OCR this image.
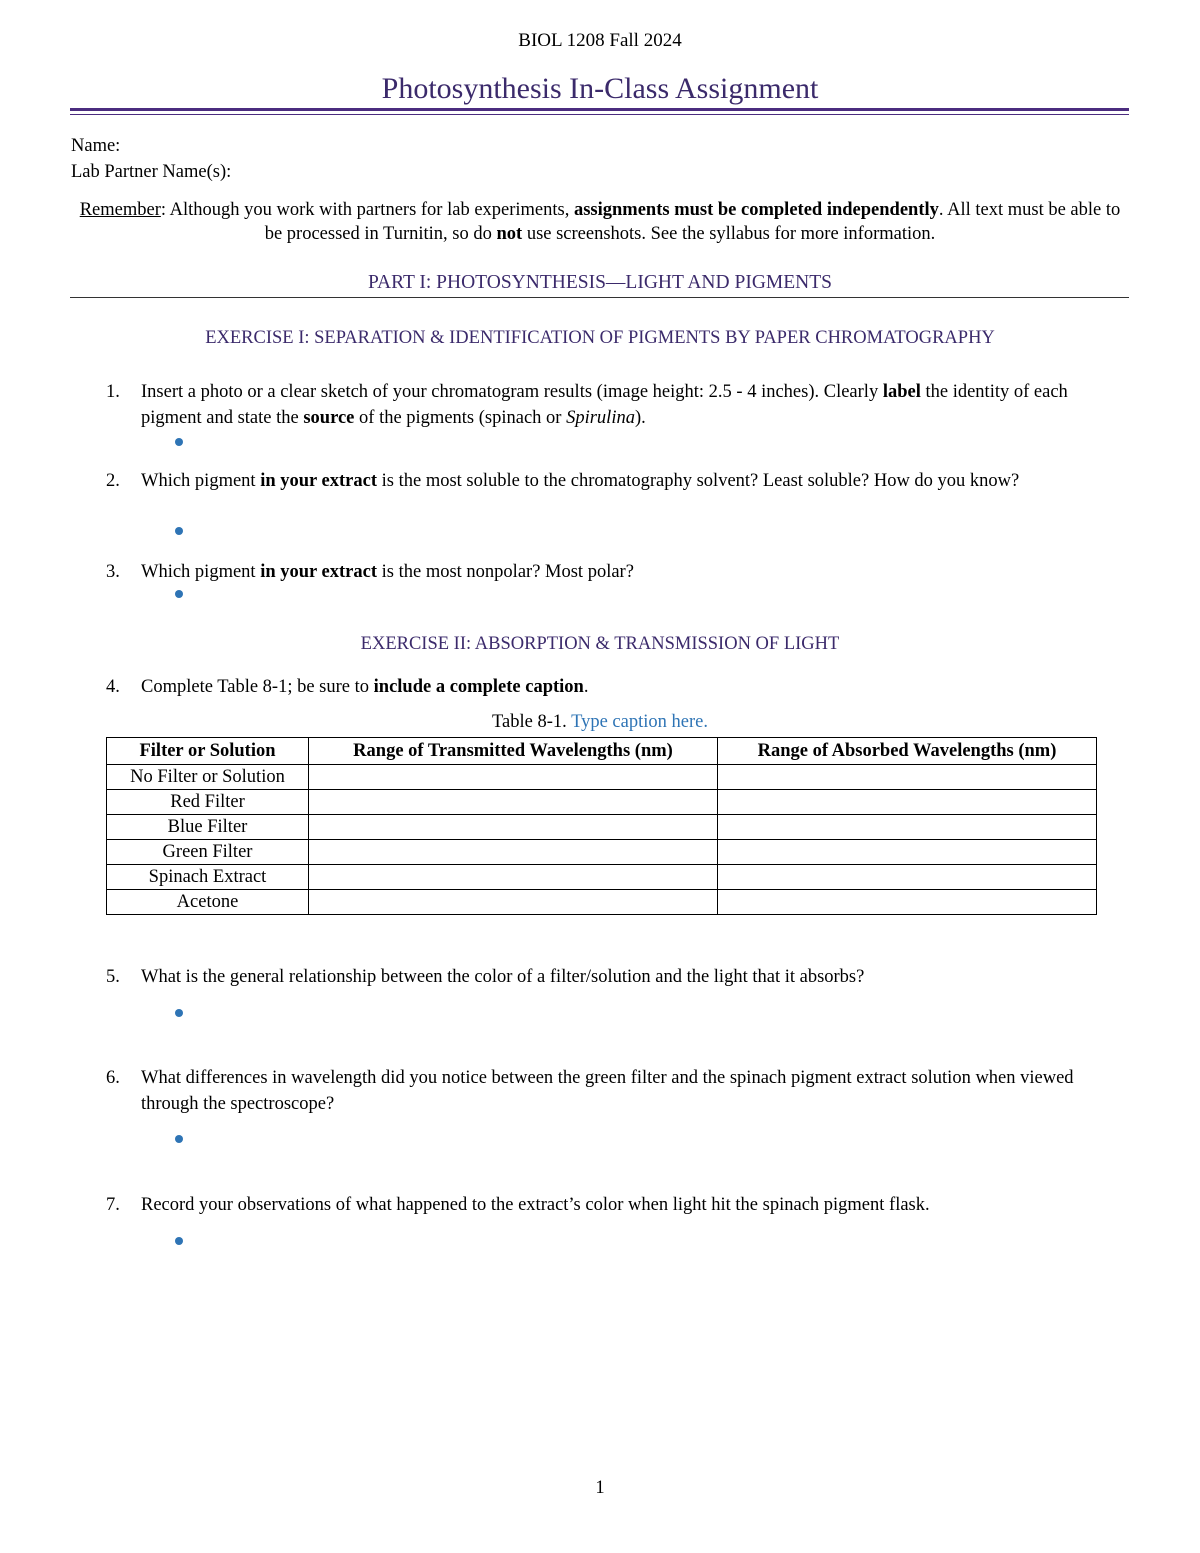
BIOL 1208 Fall 2024
Photosynthesis In-Class Assignment
Name:
Lab Partner Name(s):
Remember: Although you work with partners for lab experiments, assignments must be completed independently. All text must be able to be processed in Turnitin, so do not use screenshots. See the syllabus for more information.
PART I: PHOTOSYNTHESIS—LIGHT AND PIGMENTS
EXERCISE I: SEPARATION & IDENTIFICATION OF PIGMENTS BY PAPER CHROMATOGRAPHY
1. Insert a photo or a clear sketch of your chromatogram results (image height: 2.5 - 4 inches). Clearly label the identity of each pigment and state the source of the pigments (spinach or Spirulina).
2. Which pigment in your extract is the most soluble to the chromatography solvent? Least soluble? How do you know?
3. Which pigment in your extract is the most nonpolar? Most polar?
EXERCISE II: ABSORPTION & TRANSMISSION OF LIGHT
4. Complete Table 8-1; be sure to include a complete caption.
Table 8-1. Type caption here.
Filter or Solution	Range of Transmitted Wavelengths (nm)	Range of Absorbed Wavelengths (nm)
No Filter or Solution		
Red Filter		
Blue Filter		
Green Filter		
Spinach Extract		
Acetone		
5. What is the general relationship between the color of a filter/solution and the light that it absorbs?
6. What differences in wavelength did you notice between the green filter and the spinach pigment extract solution when viewed through the spectroscope?
7. Record your observations of what happened to the extract’s color when light hit the spinach pigment flask.
1
